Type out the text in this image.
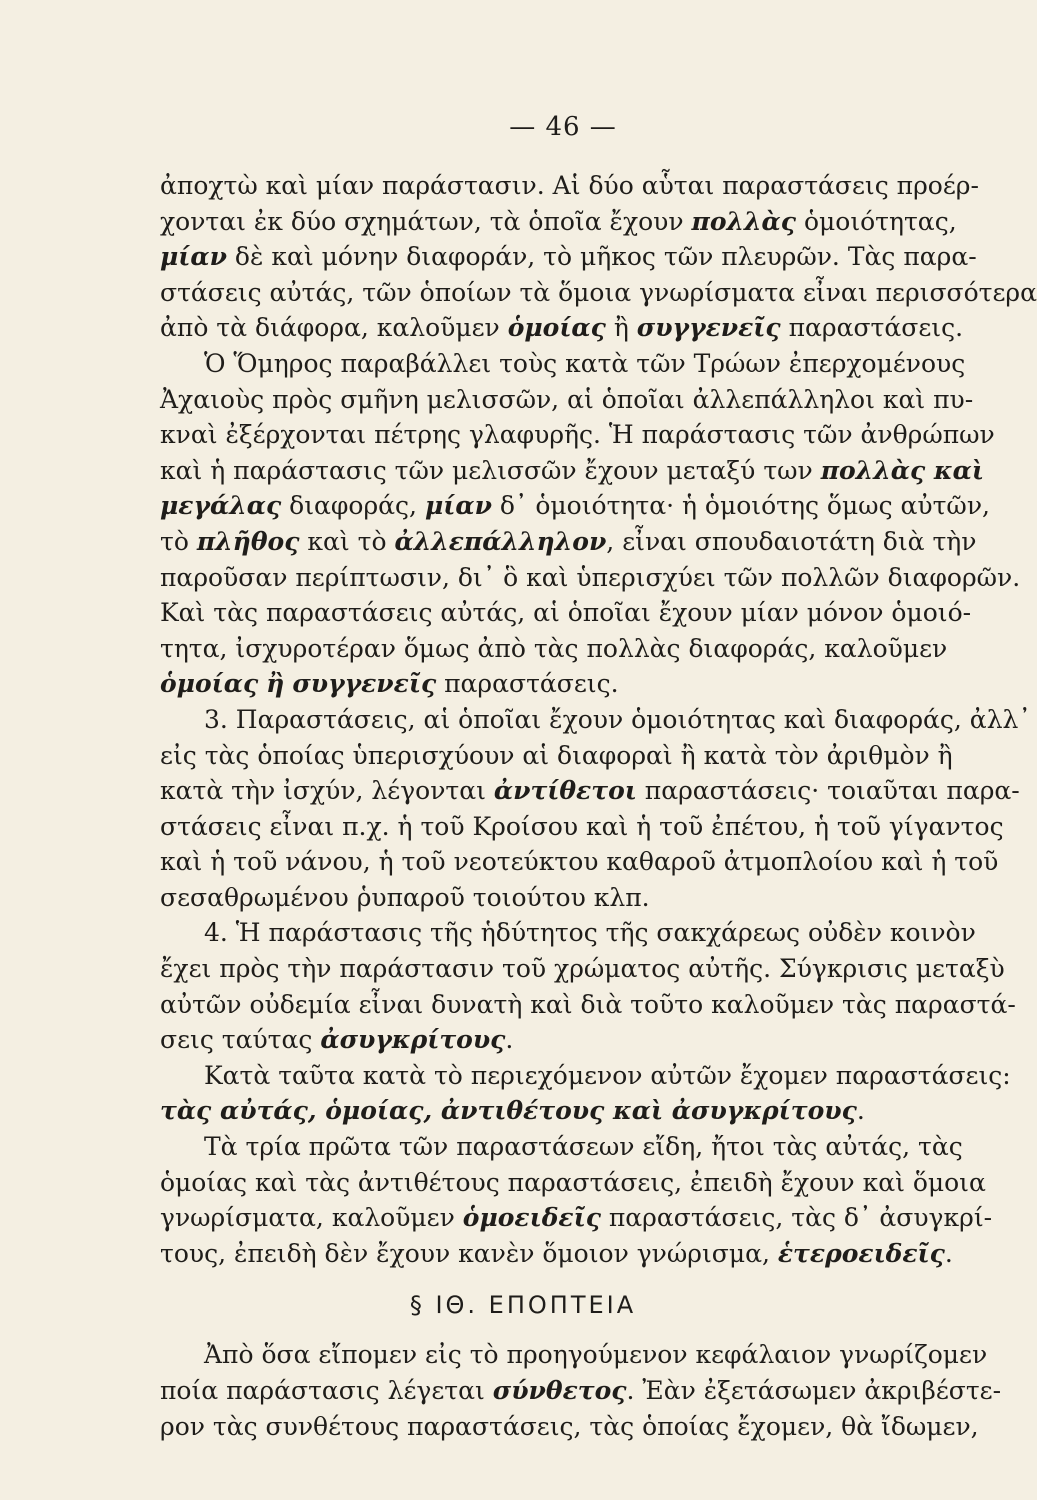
— 46 —
ἀποχτὼ καὶ μίαν παράστασιν. Αἱ δύο αὗται παραστάσεις προέρ-
χονται ἐκ δύο σχημάτων, τὰ ὁποῖα ἔχουν πολλὰς ὁμοιότητας,
μίαν δὲ καὶ μόνην διαφοράν, τὸ μῆκος τῶν πλευρῶν. Τὰς παρα-
στάσεις αὐτάς, τῶν ὁποίων τὰ ὅμοια γνωρίσματα εἶναι περισσότερα
ἀπὸ τὰ διάφορα, καλοῦμεν ὁμοίας ἢ συγγενεῖς παραστάσεις.
Ὁ Ὅμηρος παραβάλλει τοὺς κατὰ τῶν Τρώων ἐπερχομένους
Ἀχαιοὺς πρὸς σμῆνη μελισσῶν, αἱ ὁποῖαι ἀλλεπάλληλοι καὶ πυ-
κναὶ ἐξέρχονται πέτρης γλαφυρῆς. Ἡ παράστασις τῶν ἀνθρώπων
καὶ ἡ παράστασις τῶν μελισσῶν ἔχουν μεταξύ των πολλὰς καὶ
μεγάλας διαφοράς, μίαν δ᾽ ὁμοιότητα· ἡ ὁμοιότης ὅμως αὐτῶν,
τὸ πλῆθος καὶ τὸ ἀλλεπάλληλον, εἶναι σπουδαιοτάτη διὰ τὴν
παροῦσαν περίπτωσιν, δι᾽ ὃ καὶ ὑπερισχύει τῶν πολλῶν διαφορῶν.
Καὶ τὰς παραστάσεις αὐτάς, αἱ ὁποῖαι ἔχουν μίαν μόνον ὁμοιό-
τητα, ἰσχυροτέραν ὅμως ἀπὸ τὰς πολλὰς διαφοράς, καλοῦμεν
ὁμοίας ἢ συγγενεῖς παραστάσεις.
3. Παραστάσεις, αἱ ὁποῖαι ἔχουν ὁμοιότητας καὶ διαφοράς, ἀλλ᾽
εἰς τὰς ὁποίας ὑπερισχύουν αἱ διαφοραὶ ἢ κατὰ τὸν ἀριθμὸν ἢ
κατὰ τὴν ἰσχύν, λέγονται ἀντίθετοι παραστάσεις· τοιαῦται παρα-
στάσεις εἶναι π.χ. ἡ τοῦ Κροίσου καὶ ἡ τοῦ ἐπέτου, ἡ τοῦ γίγαντος
καὶ ἡ τοῦ νάνου, ἡ τοῦ νεοτεύκτου καθαροῦ ἀτμοπλοίου καὶ ἡ τοῦ
σεσαθρωμένου ῥυπαροῦ τοιούτου κλπ.
4. Ἡ παράστασις τῆς ἡδύτητος τῆς σακχάρεως οὐδὲν κοινὸν
ἔχει πρὸς τὴν παράστασιν τοῦ χρώματος αὐτῆς. Σύγκρισις μεταξὺ
αὐτῶν οὐδεμία εἶναι δυνατὴ καὶ διὰ τοῦτο καλοῦμεν τὰς παραστά-
σεις ταύτας ἀσυγκρίτους.
Κατὰ ταῦτα κατὰ τὸ περιεχόμενον αὐτῶν ἔχομεν παραστάσεις:
τὰς αὐτάς, ὁμοίας, ἀντιθέτους καὶ ἀσυγκρίτους.
Τὰ τρία πρῶτα τῶν παραστάσεων εἴδη, ἤτοι τὰς αὐτάς, τὰς
ὁμοίας καὶ τὰς ἀντιθέτους παραστάσεις, ἐπειδὴ ἔχουν καὶ ὅμοια
γνωρίσματα, καλοῦμεν ὁμοειδεῖς παραστάσεις, τὰς δ᾽ ἀσυγκρί-
τους, ἐπειδὴ δὲν ἔχουν κανὲν ὅμοιον γνώρισμα, ἑτεροειδεῖς.
§ ΙΘ. ΕΠΟΠΤΕΙΑ
Ἀπὸ ὅσα εἴπομεν εἰς τὸ προηγούμενον κεφάλαιον γνωρίζομεν
ποία παράστασις λέγεται σύνθετος. Ἐὰν ἐξετάσωμεν ἀκριβέστε-
ρον τὰς συνθέτους παραστάσεις, τὰς ὁποίας ἔχομεν, θὰ ἴδωμεν,
